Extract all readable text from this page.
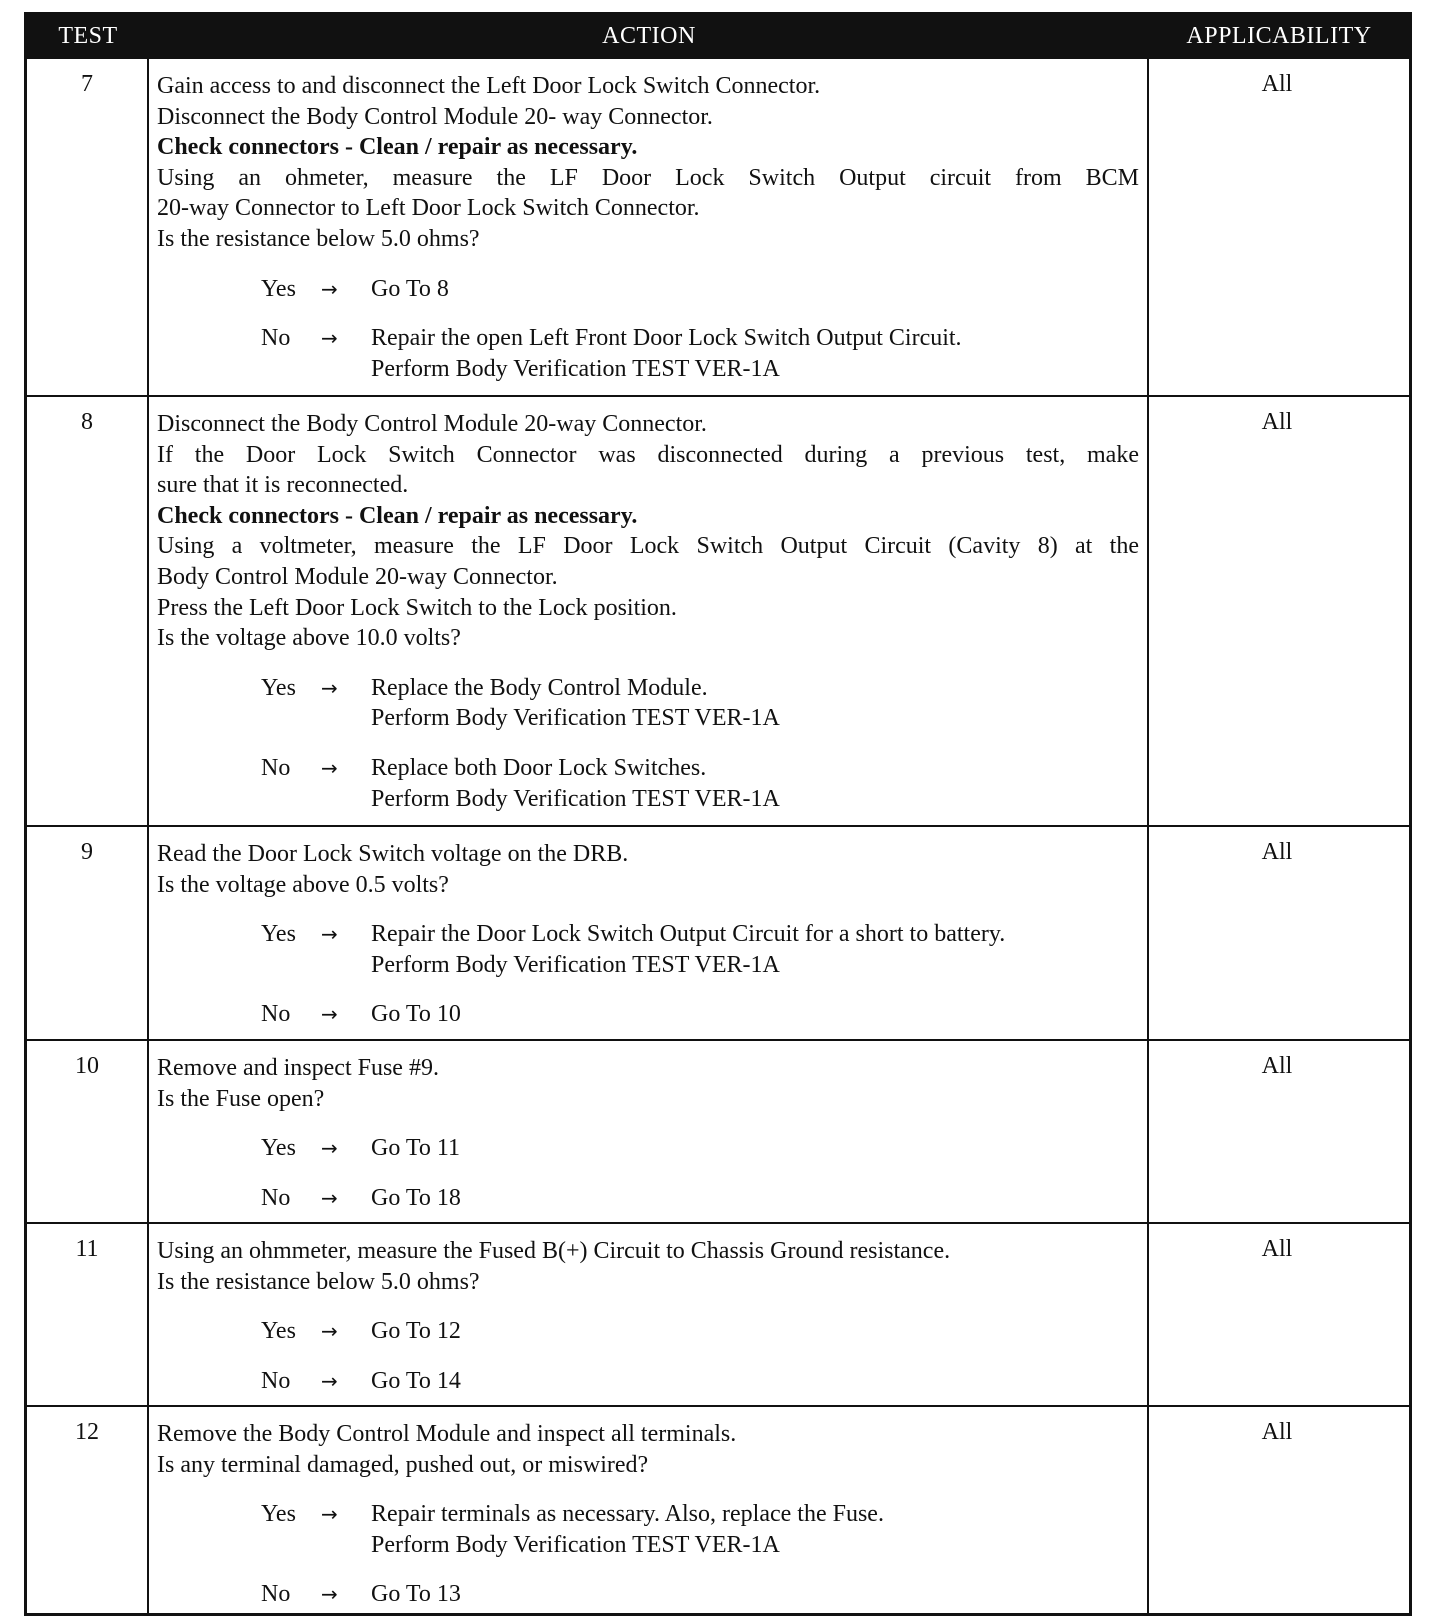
TEST	ACTION	APPLICABILITY
7	Gain access to and disconnect the Left Door Lock Switch Connector.
Disconnect the Body Control Module 20- way Connector.
Check connectors - Clean / repair as necessary.
Using an ohmeter, measure the LF Door Lock Switch Output circuit from BCM
20-way Connector to Left Door Lock Switch Connector.
Is the resistance below 5.0 ohms?
Yes → Go To 8
No → Repair the open Left Front Door Lock Switch Output Circuit.
Perform Body Verification TEST VER-1A
All
8	Disconnect the Body Control Module 20-way Connector.
If the Door Lock Switch Connector was disconnected during a previous test, make
sure that it is reconnected.
Check connectors - Clean / repair as necessary.
Using a voltmeter, measure the LF Door Lock Switch Output Circuit (Cavity 8) at the
Body Control Module 20-way Connector.
Press the Left Door Lock Switch to the Lock position.
Is the voltage above 10.0 volts?
Yes → Replace the Body Control Module.
Perform Body Verification TEST VER-1A
No → Replace both Door Lock Switches.
Perform Body Verification TEST VER-1A
All
9	Read the Door Lock Switch voltage on the DRB.
Is the voltage above 0.5 volts?
Yes → Repair the Door Lock Switch Output Circuit for a short to battery.
Perform Body Verification TEST VER-1A
No → Go To 10
All
10	Remove and inspect Fuse #9.
Is the Fuse open?
Yes → Go To 11
No → Go To 18
All
11	Using an ohmmeter, measure the Fused B(+) Circuit to Chassis Ground resistance.
Is the resistance below 5.0 ohms?
Yes → Go To 12
No → Go To 14
All
12	Remove the Body Control Module and inspect all terminals.
Is any terminal damaged, pushed out, or miswired?
Yes → Repair terminals as necessary. Also, replace the Fuse.
Perform Body Verification TEST VER-1A
No → Go To 13
All
